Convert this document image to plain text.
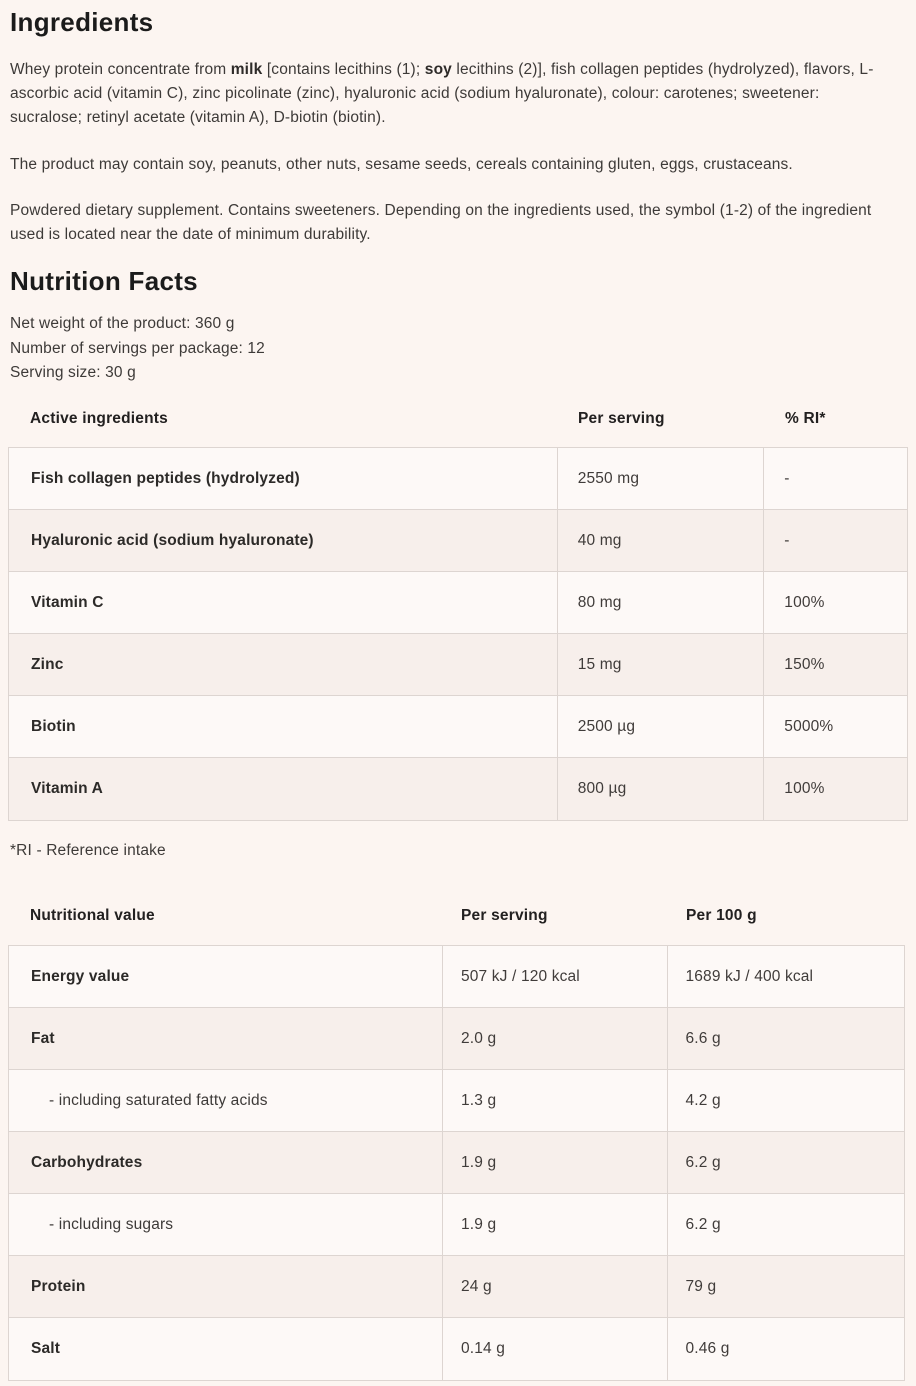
Ingredients

Whey protein concentrate from milk [contains lecithins (1); soy lecithins (2)], fish collagen peptides (hydrolyzed), flavors, L-ascorbic acid (vitamin C), zinc picolinate (zinc), hyaluronic acid (sodium hyaluronate), colour: carotenes; sweetener: sucralose; retinyl acetate (vitamin A), D-biotin (biotin).

The product may contain soy, peanuts, other nuts, sesame seeds, cereals containing gluten, eggs, crustaceans.

Powdered dietary supplement. Contains sweeteners. Depending on the ingredients used, the symbol (1-2) of the ingredient used is located near the date of minimum durability.

Nutrition Facts

Net weight of the product: 360 g

Number of servings per package: 12

Serving size: 30 g

Active ingredients	Per serving	% RI*
Fish collagen peptides (hydrolyzed)	2550 mg	-
Hyaluronic acid (sodium hyaluronate)	40 mg	-
Vitamin C	80 mg	100%
Zinc	15 mg	150%
Biotin	2500 µg	5000%
Vitamin A	800 µg	100%

*RI - Reference intake

Nutritional value	Per serving	Per 100 g
Energy value	507 kJ / 120 kcal	1689 kJ / 400 kcal
Fat	2.0 g	6.6 g
- including saturated fatty acids	1.3 g	4.2 g
Carbohydrates	1.9 g	6.2 g
- including sugars	1.9 g	6.2 g
Protein	24 g	79 g
Salt	0.14 g	0.46 g
